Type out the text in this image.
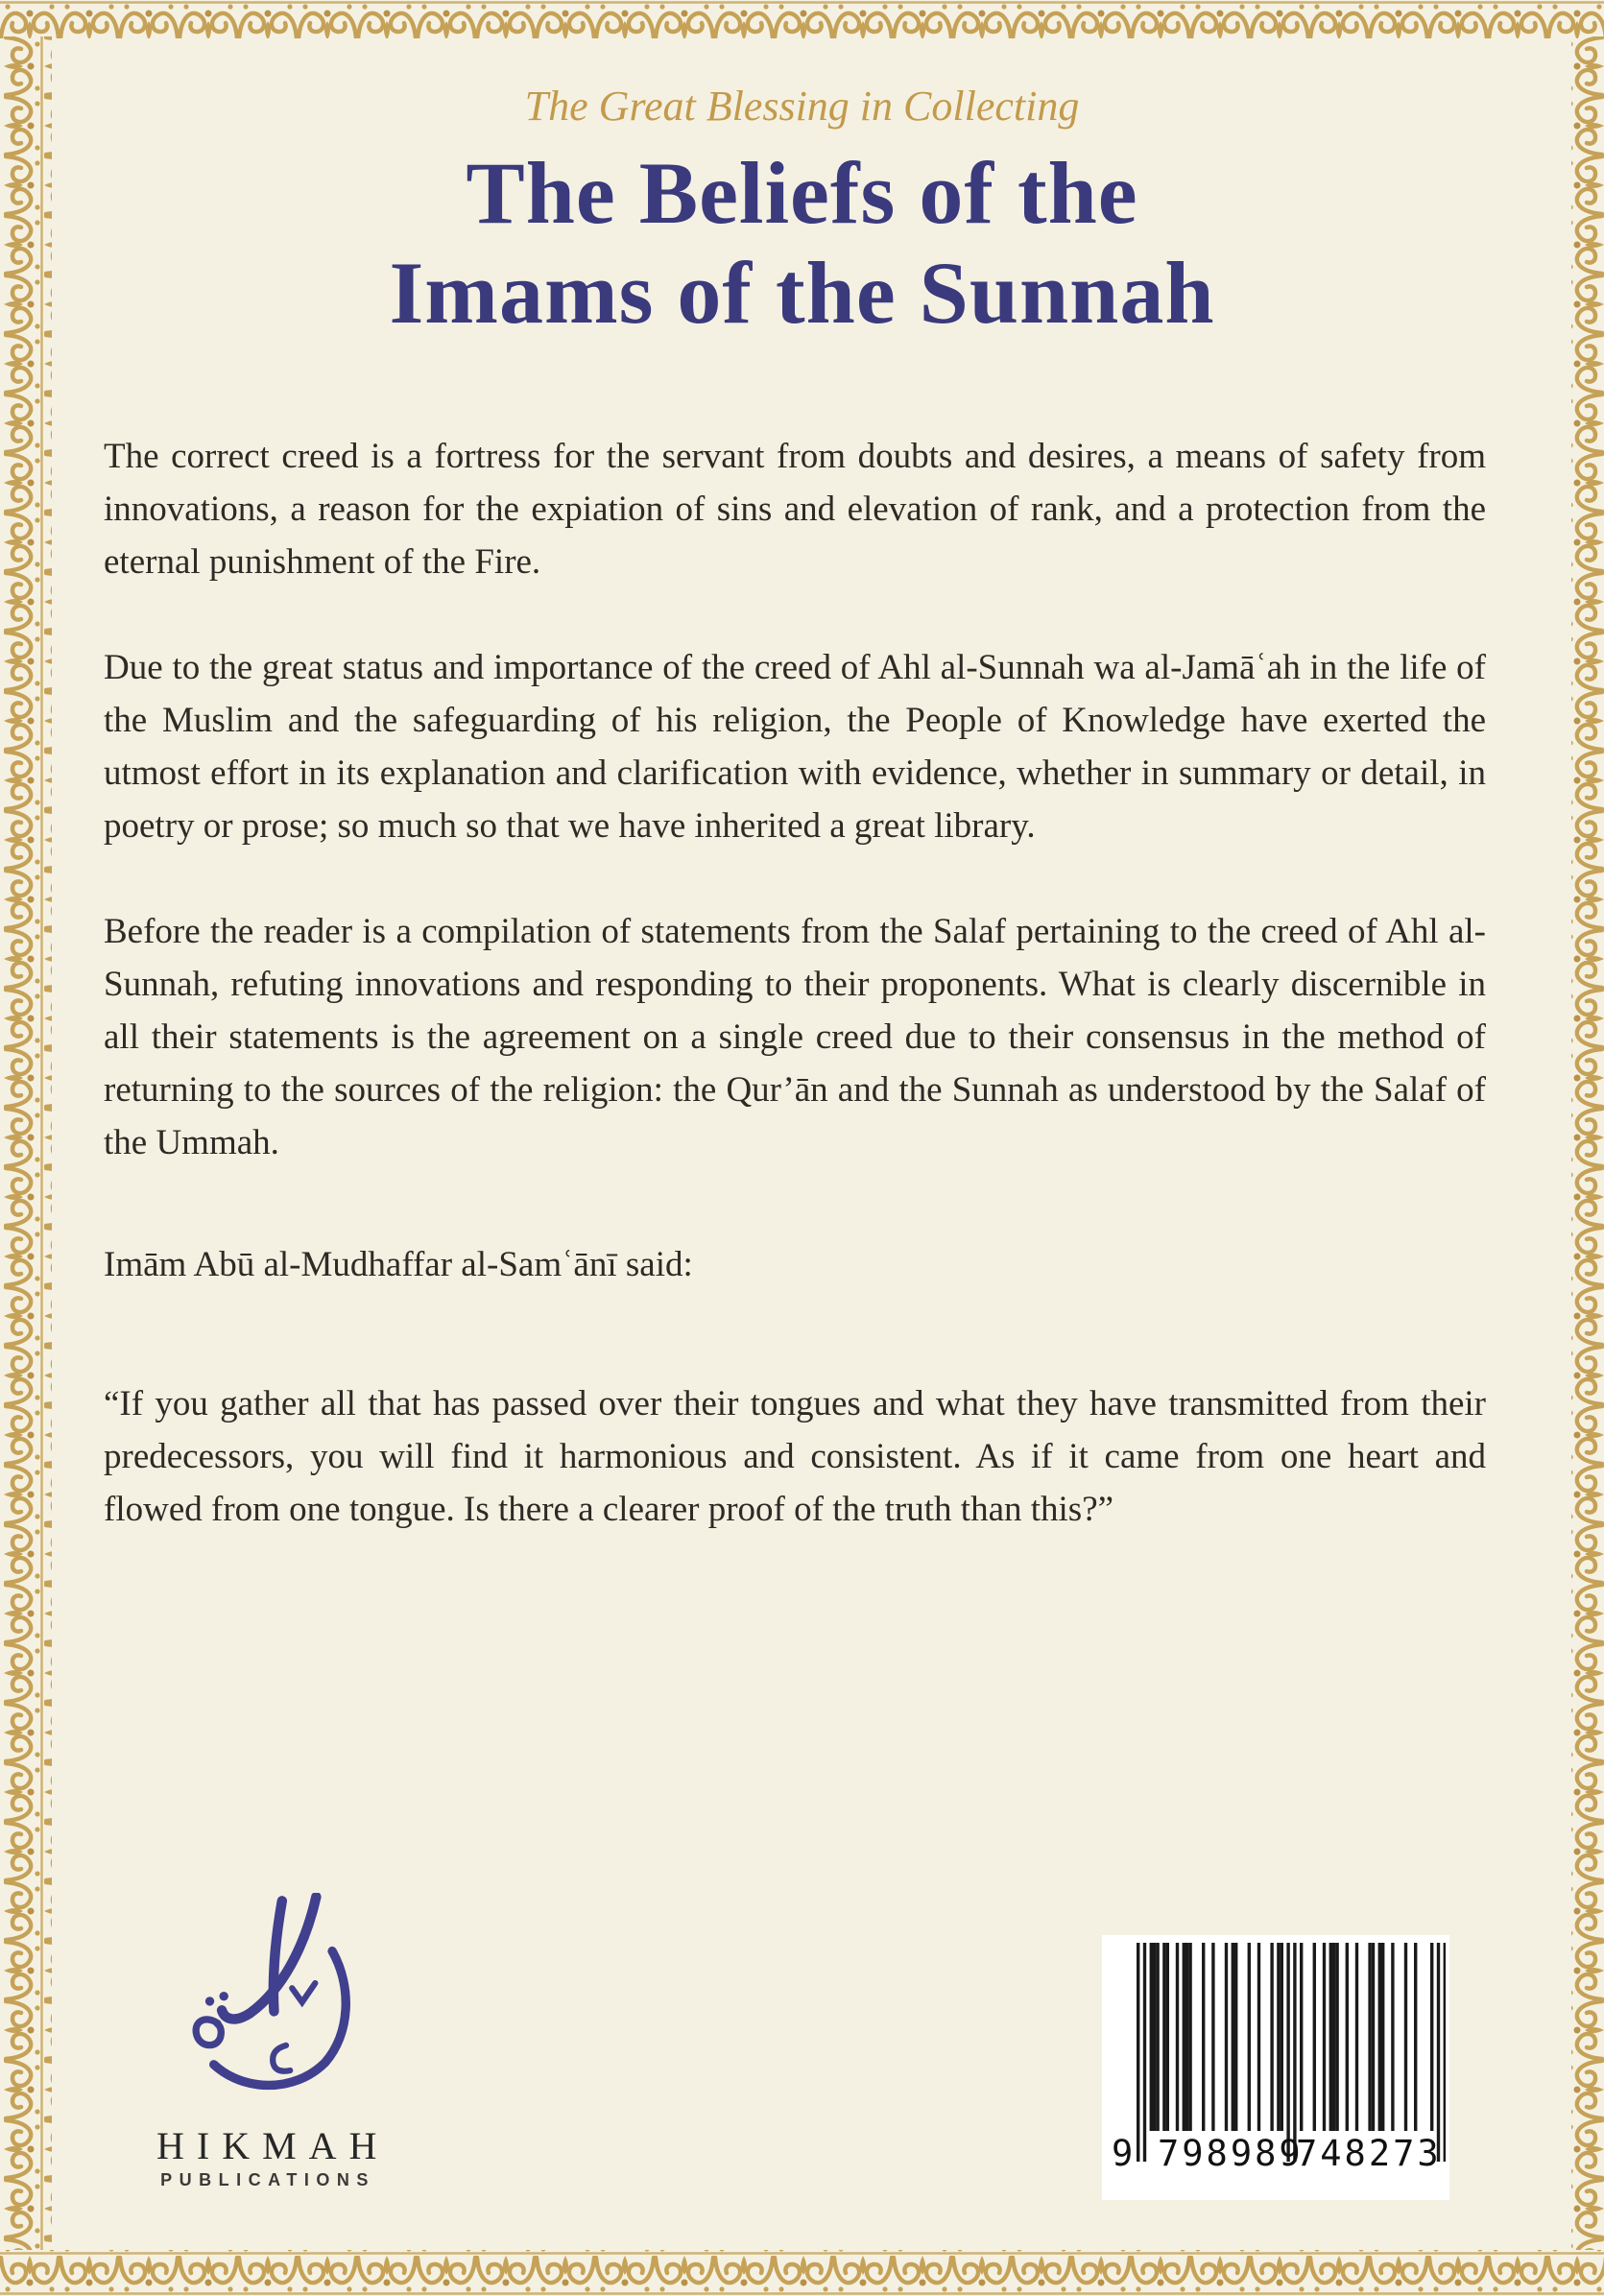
The Great Blessing in Collecting

The Beliefs of the
Imams of the Sunnah

The correct creed is a fortress for the servant from doubts and desires, a means of safety from innovations, a reason for the expiation of sins and elevation of rank, and a protection from the eternal punishment of the Fire.

Due to the great status and importance of the creed of Ahl al-Sunnah wa al-Jamāʿah in the life of the Muslim and the safeguarding of his religion, the People of Knowledge have exerted the utmost effort in its explanation and clarification with evidence, whether in summary or detail, in poetry or prose; so much so that we have inherited a great library.

Before the reader is a compilation of statements from the Salaf pertaining to the creed of Ahl al-Sunnah, refuting innovations and responding to their proponents. What is clearly discernible in all their statements is the agreement on a single creed due to their consensus in the method of returning to the sources of the religion: the Qur’ān and the Sunnah as understood by the Salaf of the Ummah.

Imām Abū al-Mudhaffar al-Samʿānī said:

“If you gather all that has passed over their tongues and what they have transmitted from their predecessors, you will find it harmonious and consistent. As if it came from one heart and flowed from one tongue. Is there a clearer proof of the truth than this?”

HIKMAH

PUBLICATIONS

9 798989
748273
